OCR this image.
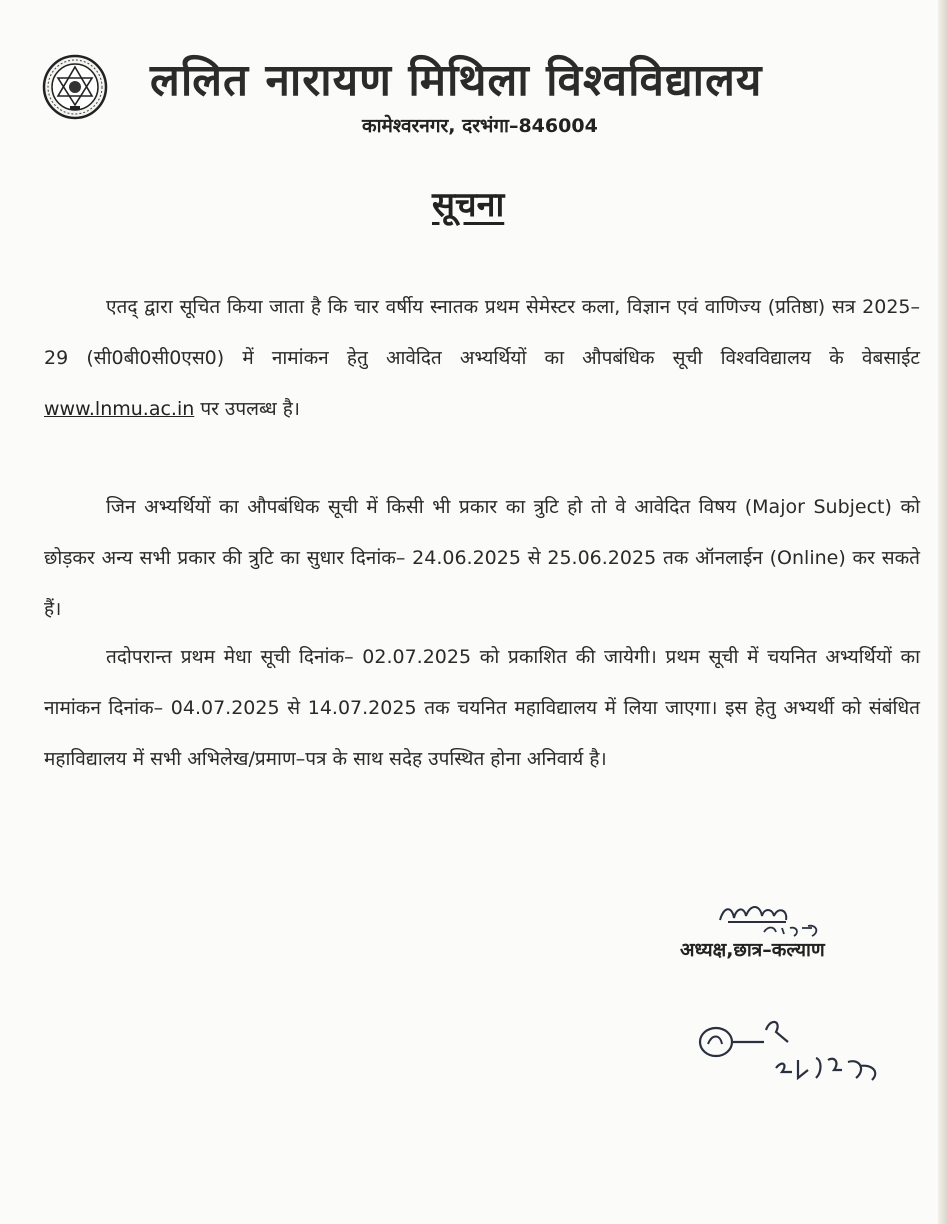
ललित नारायण मिथिला विश्वविद्यालय
कामेश्वरनगर, दरभंगा–846004
सूचना
एतद् द्वारा सूचित किया जाता है कि चार वर्षीय स्नातक प्रथम सेमेस्टर कला, विज्ञान एवं वाणिज्य (प्रतिष्ठा) सत्र 2025–29 (सी0बी0सी0एस0) में नामांकन हेतु आवेदित अभ्यर्थियों का औपबंधिक सूची विश्वविद्यालय के वेबसाईट www.lnmu.ac.in पर उपलब्ध है।
जिन अभ्यर्थियों का औपबंधिक सूची में किसी भी प्रकार का त्रुटि हो तो वे आवेदित विषय (Major Subject) को छोड़कर अन्य सभी प्रकार की त्रुटि का सुधार दिनांक– 24.06.2025 से 25.06.2025 तक ऑनलाईन (Online) कर सकते हैं।
तदोपरान्त प्रथम मेधा सूची दिनांक– 02.07.2025 को प्रकाशित की जायेगी। प्रथम सूची में चयनित अभ्यर्थियों का नामांकन दिनांक– 04.07.2025 से 14.07.2025 तक चयनित महाविद्यालय में लिया जाएगा। इस हेतु अभ्यर्थी को संबंधित महाविद्यालय में सभी अभिलेख/प्रमाण–पत्र के साथ सदेह उपस्थित होना अनिवार्य है।
अध्यक्ष,छात्र–कल्याण
